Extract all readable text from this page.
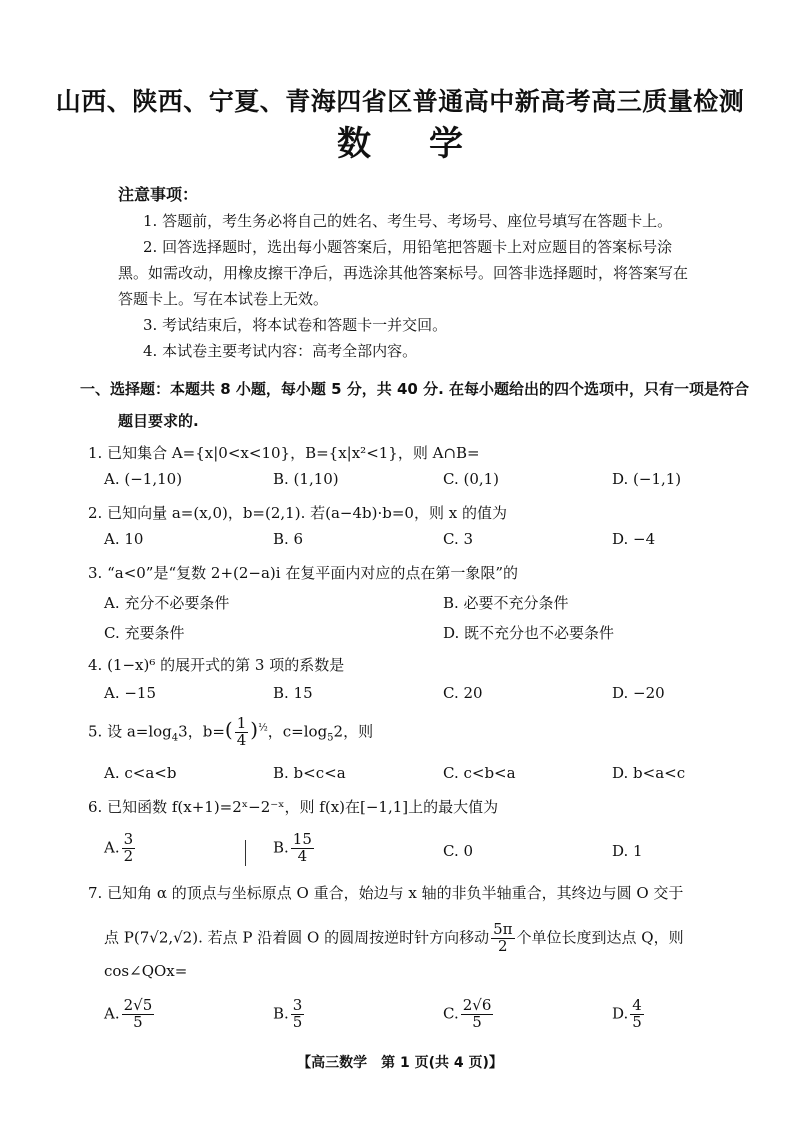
山西、陕西、宁夏、青海四省区普通高中新高考高三质量检测
数学
注意事项：
1. 答题前，考生务必将自己的姓名、考生号、考场号、座位号填写在答题卡上。
2. 回答选择题时，选出每小题答案后，用铅笔把答题卡上对应题目的答案标号涂
黑。如需改动，用橡皮擦干净后，再选涂其他答案标号。回答非选择题时，将答案写在
答题卡上。写在本试卷上无效。
3. 考试结束后，将本试卷和答题卡一并交回。
4. 本试卷主要考试内容：高考全部内容。
一、选择题：本题共 8 小题，每小题 5 分，共 40 分. 在每小题给出的四个选项中，只有一项是符合
题目要求的.
1. 已知集合 A={x|0<x<10}，B={x|x²<1}，则 A∩B=
A. (−1,10)	B. (1,10)	C. (0,1)	D. (−1,1)
2. 已知向量 a=(x,0)，b=(2,1). 若(a−4b)·b=0，则 x 的值为
A. 10	B. 6	C. 3	D. −4
3. “a<0”是“复数 2+(2−a)i 在复平面内对应的点在第一象限”的
A. 充分不必要条件	B. 必要不充分条件
C. 充要条件	D. 既不充分也不必要条件
4. (1−x)⁶ 的展开式的第 3 项的系数是
A. −15	B. 15	C. 20	D. −20
5. 设 $a=\log_43$，$b=( \frac{1}{4} )^{\frac{1}{2}}$，$c=\log_52$，则
A. c<a<b	B. b<c<a	C. c<b<a	D. b<a<c
6. 已知函数 f(x+1)=2ˣ−2⁻ˣ，则 f(x)在[−1,1]上的最大值为
A. $\frac{3}{2}$	B. $\frac{15}{4}$	C. 0	D. 1
7. 已知角 α 的顶点与坐标原点 O 重合，始边与 x 轴的非负半轴重合，其终边与圆 O 交于
点 P(7√2,√2). 若点 P 沿着圆 O 的圆周按逆时针方向移动 $\frac{5\pi}{2}$ 个单位长度到达点 Q，则
cos∠QOx=
A. $\frac{2√5}{5}$	B. $\frac{3}{5}$	C. $\frac{2√6}{5}$	D. $\frac{4}{5}$
【高三数学　第 1 页(共 4 页)】
